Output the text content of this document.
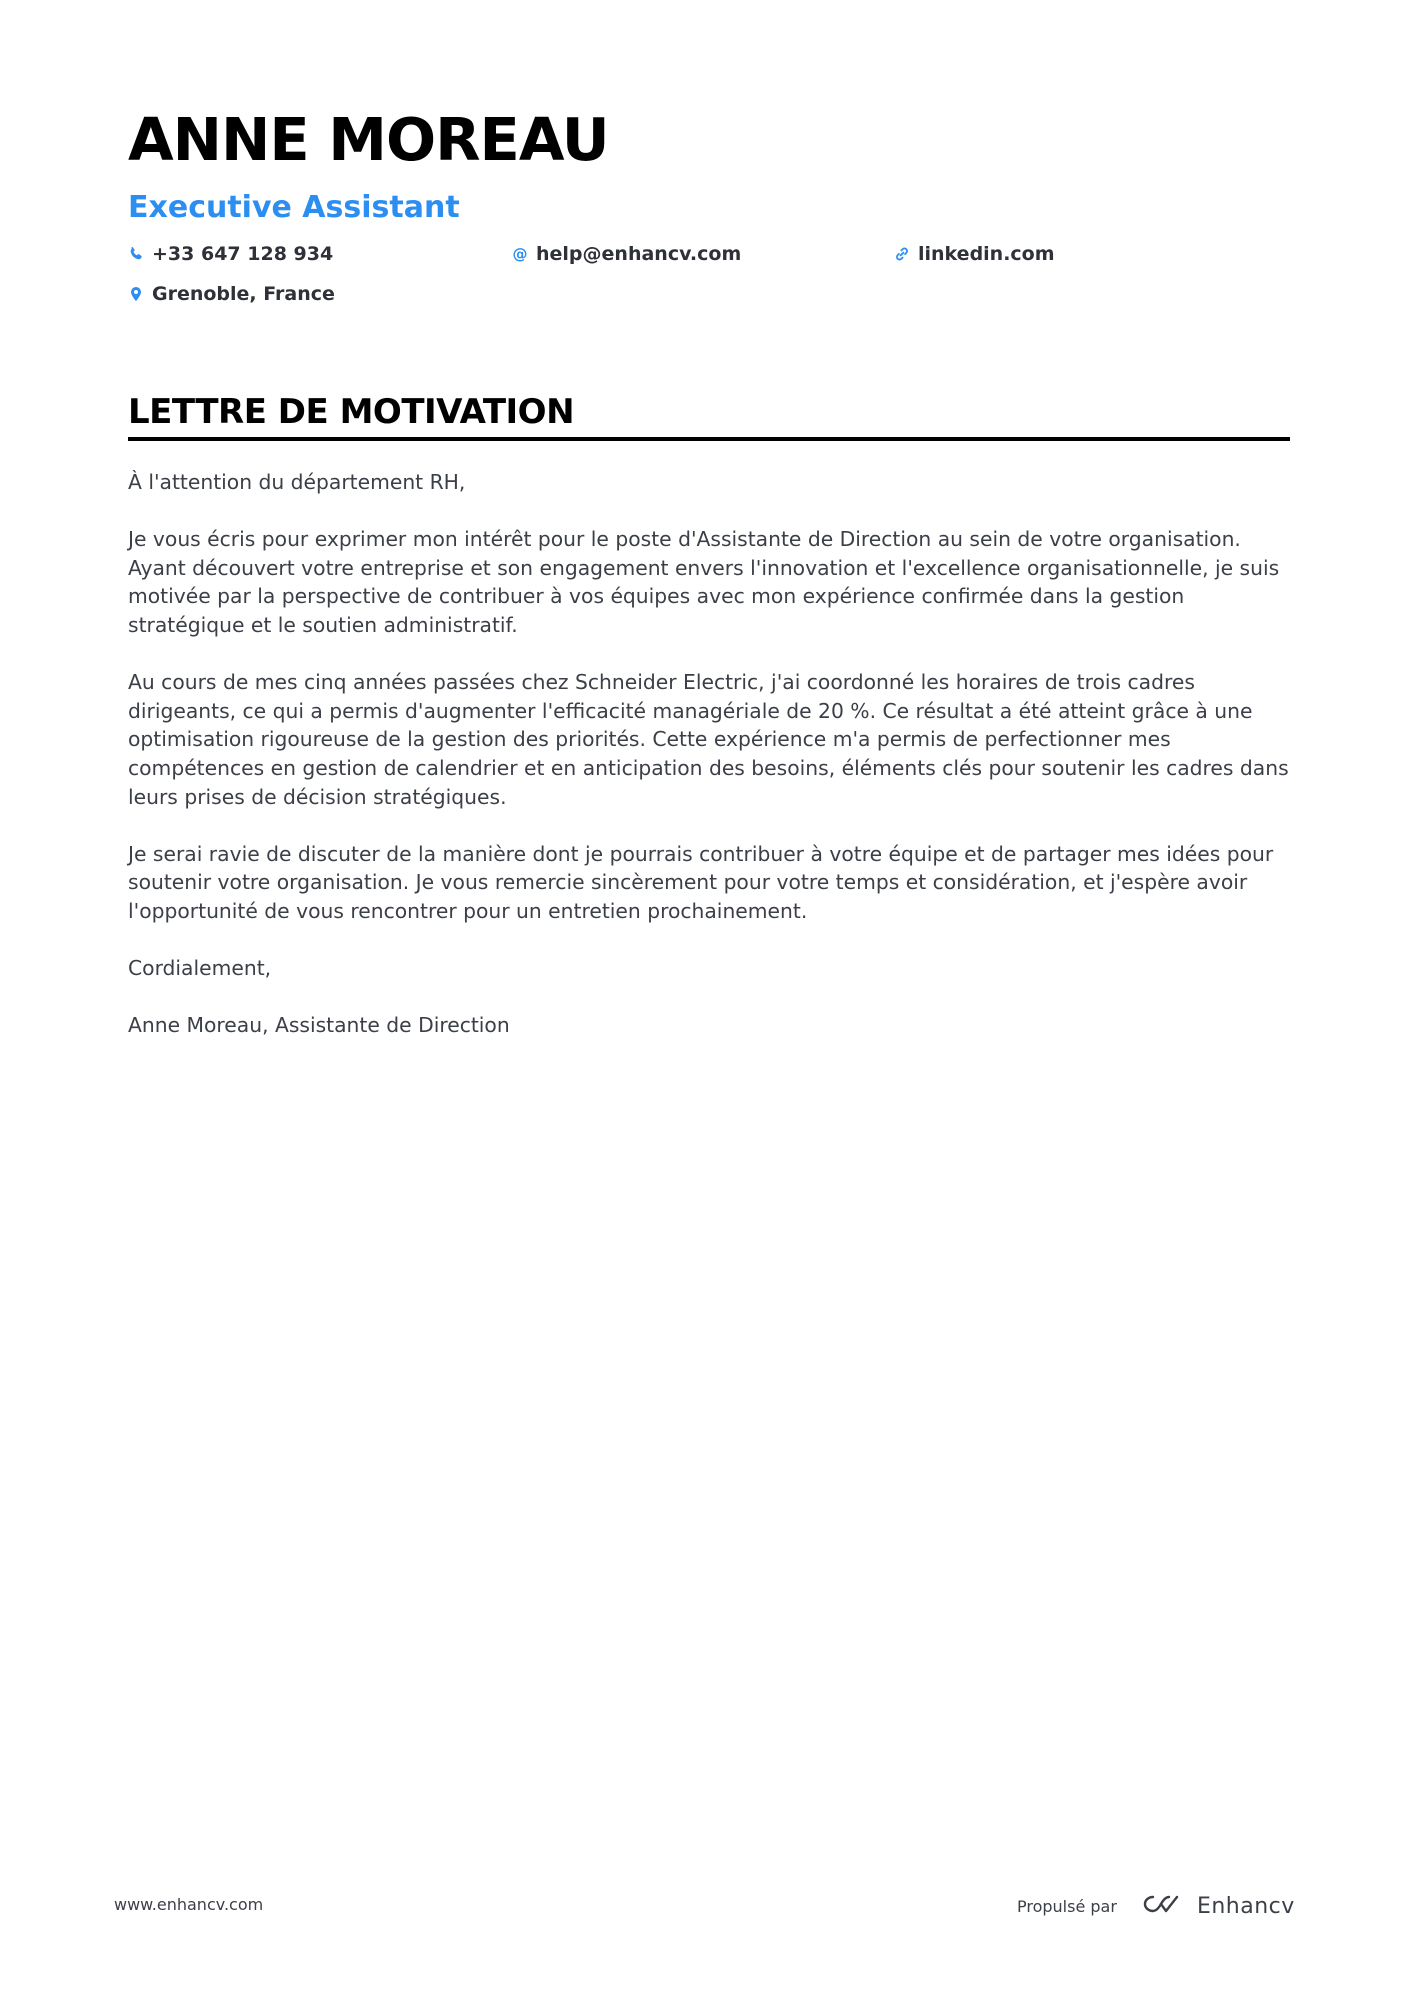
ANNE MOREAU
Executive Assistant
+33 647 128 934	@ help@enhancv.com	linkedin.com
Grenoble, France
LETTRE DE MOTIVATION

À l'attention du département RH,

Je vous écris pour exprimer mon intérêt pour le poste d'Assistante de Direction au sein de votre organisation. Ayant découvert votre entreprise et son engagement envers l'innovation et l'excellence organisationnelle, je suis motivée par la perspective de contribuer à vos équipes avec mon expérience confirmée dans la gestion stratégique et le soutien administratif.

Au cours de mes cinq années passées chez Schneider Electric, j'ai coordonné les horaires de trois cadres dirigeants, ce qui a permis d'augmenter l'efficacité managériale de 20 %. Ce résultat a été atteint grâce à une optimisation rigoureuse de la gestion des priorités. Cette expérience m'a permis de perfectionner mes compétences en gestion de calendrier et en anticipation des besoins, éléments clés pour soutenir les cadres dans leurs prises de décision stratégiques.

Je serai ravie de discuter de la manière dont je pourrais contribuer à votre équipe et de partager mes idées pour soutenir votre organisation. Je vous remercie sincèrement pour votre temps et considération, et j'espère avoir l'opportunité de vous rencontrer pour un entretien prochainement.

Cordialement,

Anne Moreau, Assistante de Direction

www.enhancv.com	Propulsé par	Enhancv
